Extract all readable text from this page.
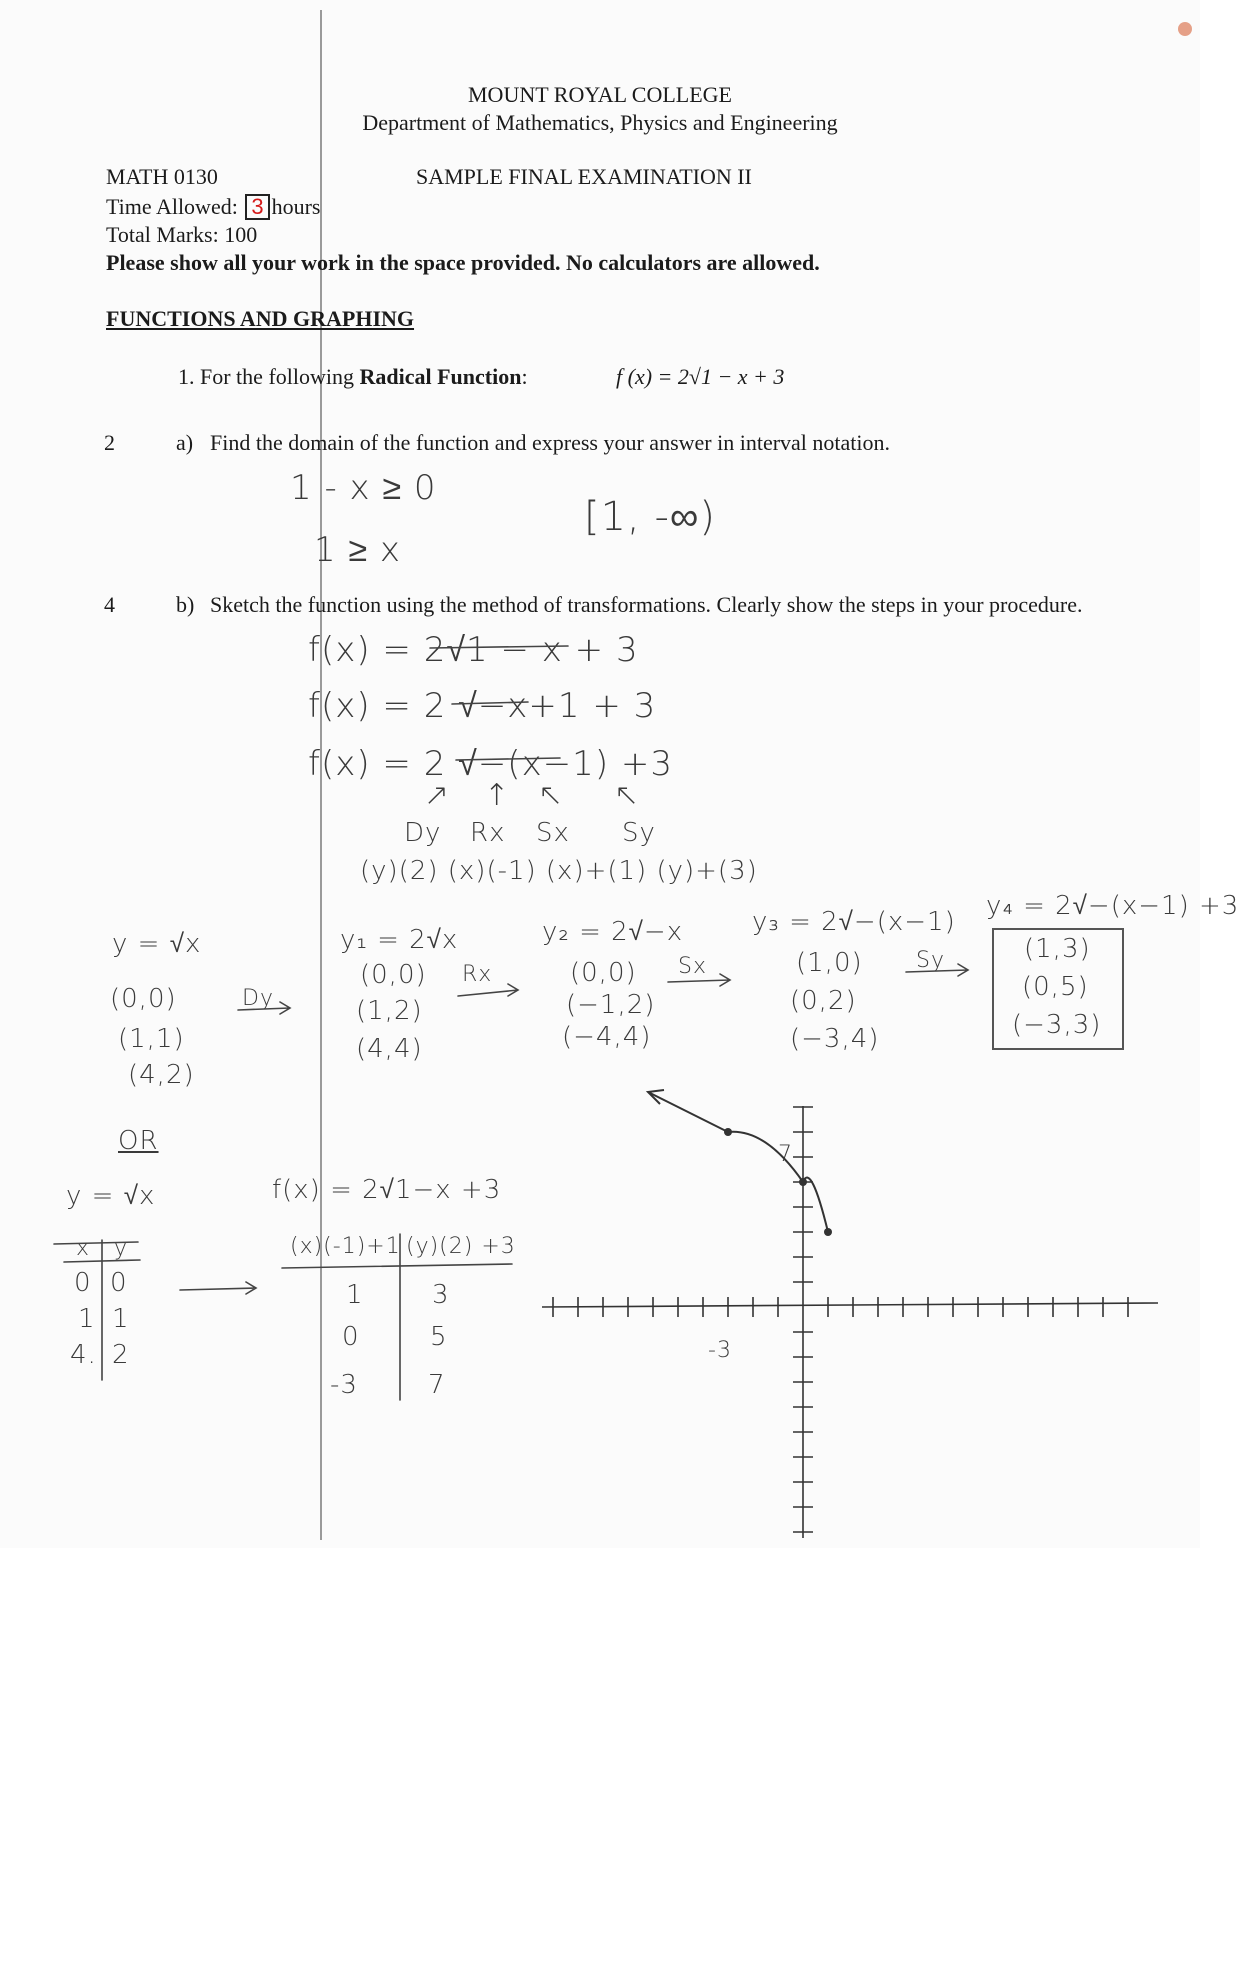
MOUNT ROYAL COLLEGE
Department of Mathematics, Physics and Engineering
MATH 0130	SAMPLE FINAL EXAMINATION II
Time Allowed: 3 hours
Total Marks: 100
Please show all your work in the space provided. No calculators are allowed.
FUNCTIONS AND GRAPHING
1. For the following Radical Function:	f (x) = 2√1 − x + 3
2	a) Find the domain of the function and express your answer in interval notation.
1 - x ≥ 0
1 ≥ x
[1, -∞)
4	b) Sketch the function using the method of transformations. Clearly show the steps in your procedure.
f(x) = 2√1 − x + 3
f(x) = 2 √−x+1 + 3
f(x) = 2 √−(x−1) +3
↗ ↑ ↖ ↖
Dy Rx Sx Sy
(y)(2) (x)(-1) (x)+(1) (y)+(3)
y = √x
(0,0)
(1,1)
(4,2)
Dy
y₁ = 2√x
(0,0)
(1,2)
(4,4)
Rx
y₂ = 2√−x
(0,0)
(−1,2)
(−4,4)
Sx
y₃ = 2√−(x−1)
(1,0)
(0,2)
(−3,4)
Sy
y₄ = 2√−(x−1) +3
(1,3)
(0,5)
(−3,3)
OR
y = √x
x y
0 0
1 1
4. 2
f(x) = 2√1−x +3
(x)(-1)+1 (y)(2) +3
1	3
0	5
-3	7
-3
7
